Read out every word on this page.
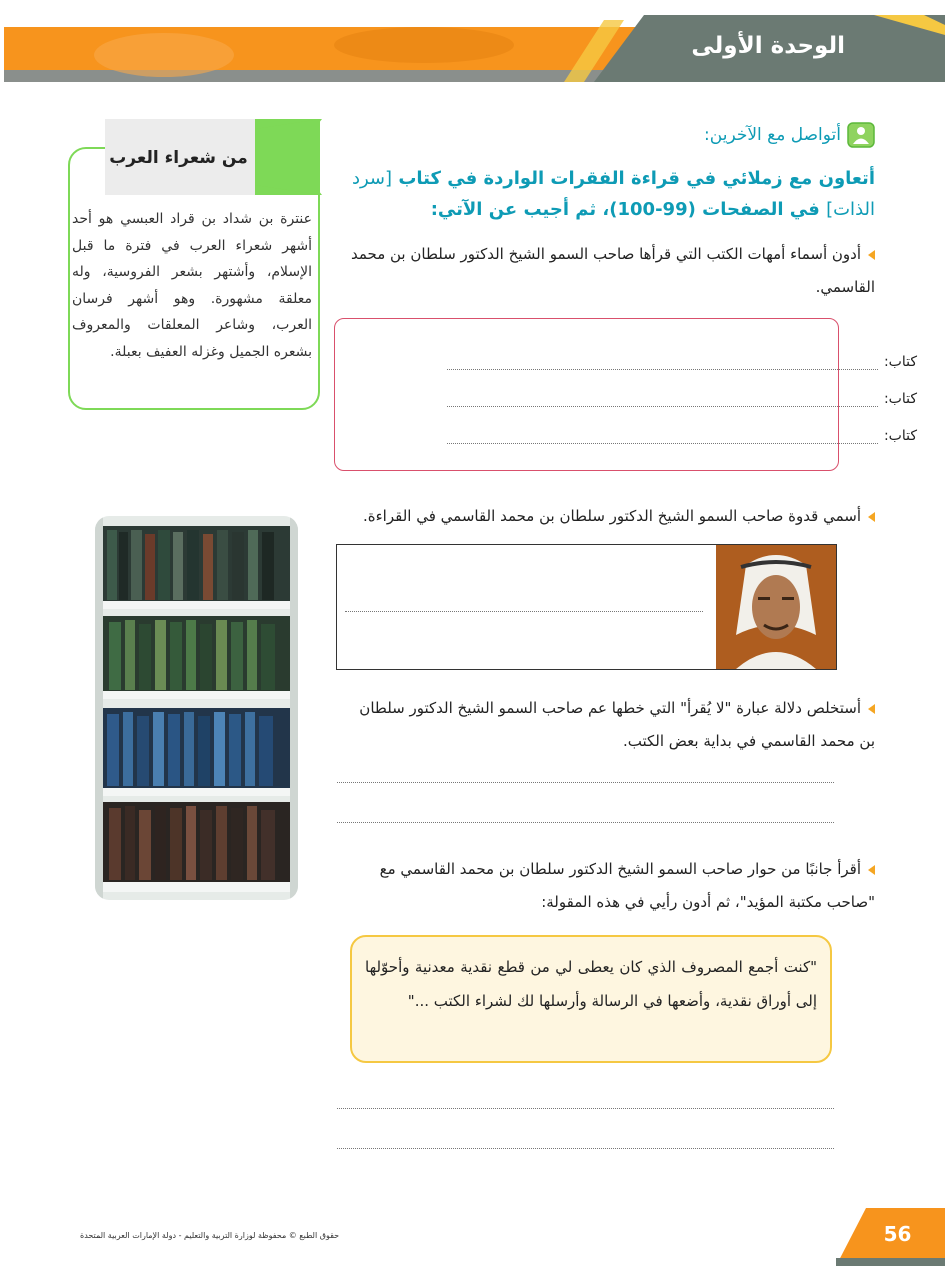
الوحدة الأولى
من شعراء العرب
عنترة بن شداد بن قراد العبسي هو أحد أشهر شعراء العرب في فترة ما قبل الإسلام، وأشتهر بشعر الفروسية، وله معلقة مشهورة. وهو أشهر فرسان العرب، وشاعر المعلقات والمعروف بشعره الجميل وغزله العفيف بعبلة.
أتواصل مع الآخرين:
أتعاون مع زملائي في قراءة الفقرات الواردة في كتاب [سرد الذات] في الصفحات (99-100)، ثم أجيب عن الآتي:
أدون أسماء أمهات الكتب التي قرأها صاحب السمو الشيخ الدكتور سلطان بن محمد القاسمي.
كتاب:
كتاب:
كتاب:
أسمي قدوة صاحب السمو الشيخ الدكتور سلطان بن محمد القاسمي في القراءة.
أستخلص دلالة عبارة "لا يُقرأ" التي خطها عم صاحب السمو الشيخ الدكتور سلطان بن محمد القاسمي في بداية بعض الكتب.
أقرأ جانبًا من حوار صاحب السمو الشيخ الدكتور سلطان بن محمد القاسمي مع "صاحب مكتبة المؤيد"، ثم أدون رأيي في هذه المقولة:
"كنت أجمع المصروف الذي كان يعطى لي من قطع نقدية معدنية وأحوّلها إلى أوراق نقدية، وأضعها في الرسالة وأرسلها لك لشراء الكتب ..."
حقوق الطبع © محفوظة لوزارة التربية والتعليم - دولة الإمارات العربية المتحدة	56
